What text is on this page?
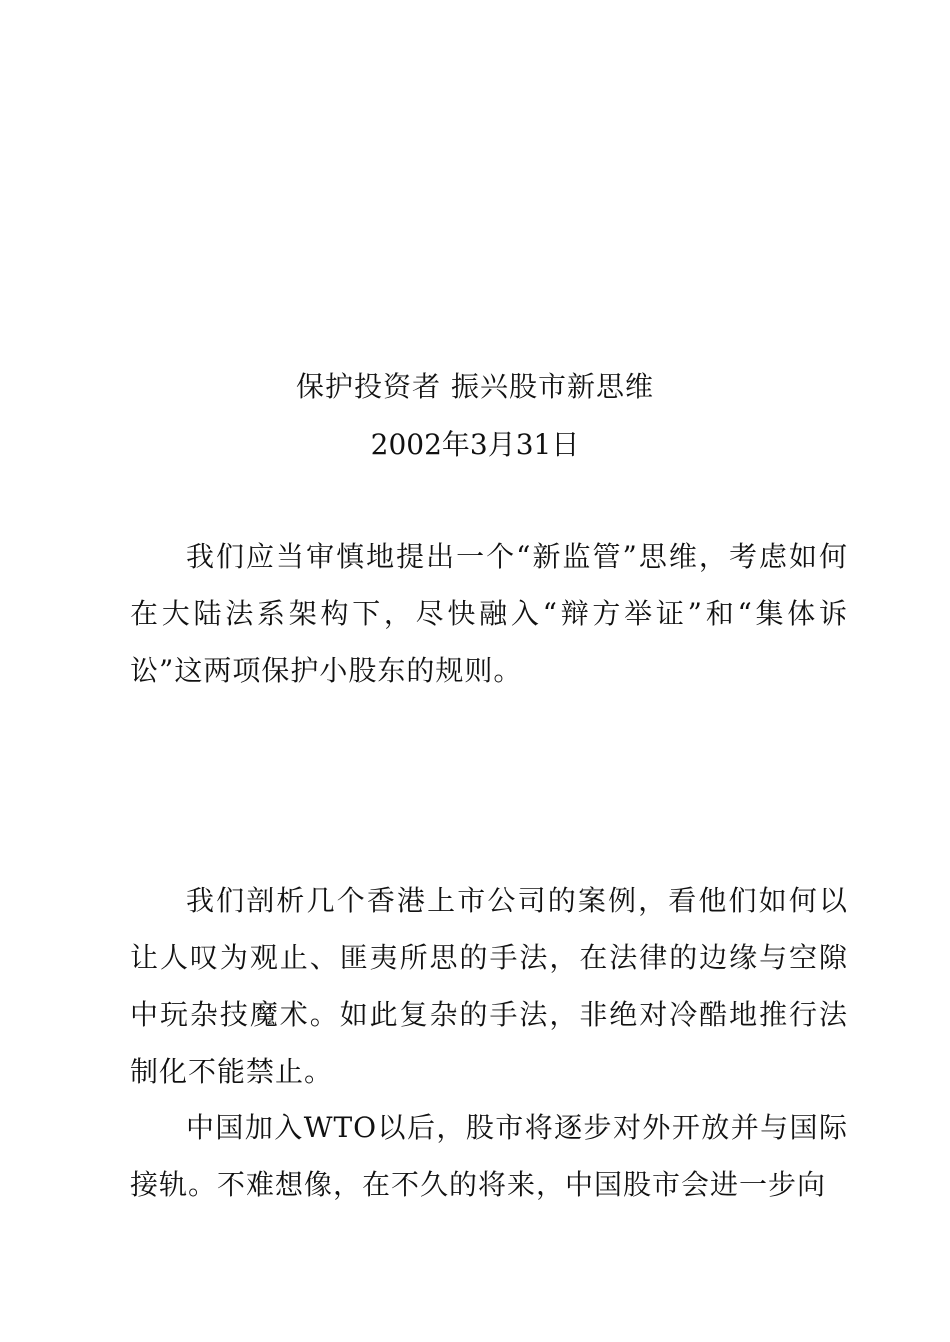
保护投资者 振兴股市新思维
2002年3月31日

我们应当审慎地提出一个“新监管”思维，考虑如何在大陆法系架构下，尽快融入“辩方举证”和“集体诉讼”这两项保护小股东的规则。

我们剖析几个香港上市公司的案例，看他们如何以让人叹为观止、匪夷所思的手法，在法律的边缘与空隙中玩杂技魔术。如此复杂的手法，非绝对冷酷地推行法制化不能禁止。

中国加入WTO以后，股市将逐步对外开放并与国际接轨。不难想像，在不久的将来，中国股市会进一步向
